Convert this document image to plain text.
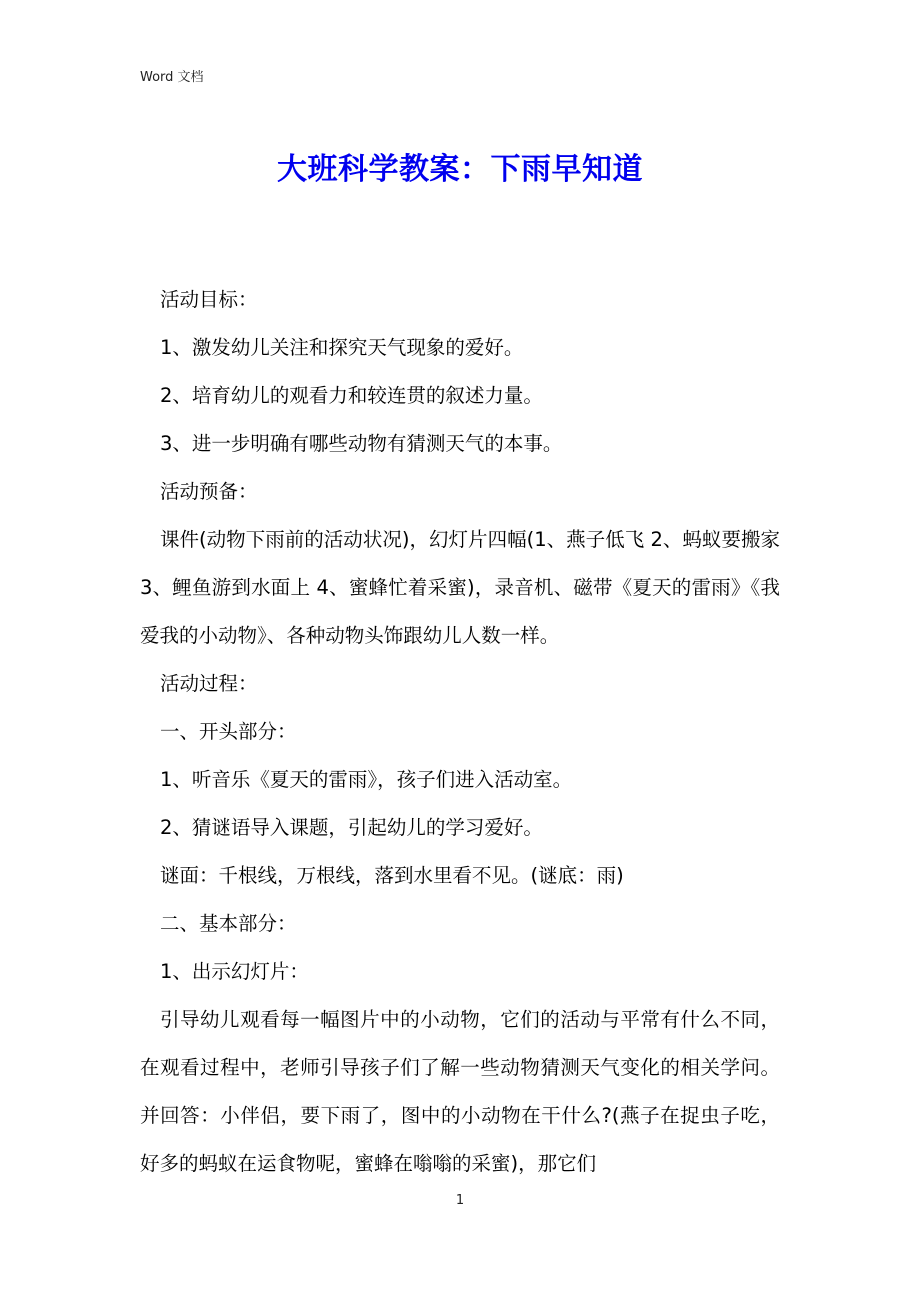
Word 文档
大班科学教案：下雨早知道

活动目标：

1、激发幼儿关注和探究天气现象的爱好。

2、培育幼儿的观看力和较连贯的叙述力量。

3、进一步明确有哪些动物有猜测天气的本事。

活动预备：

课件(动物下雨前的活动状况)，幻灯片四幅(1、燕子低飞 2、蚂蚁要搬家 3、鲤鱼游到水面上 4、蜜蜂忙着采蜜)，录音机、磁带《夏天的雷雨》《我爱我的小动物》、各种动物头饰跟幼儿人数一样。

活动过程：

一、开头部分：

1、听音乐《夏天的雷雨》，孩子们进入活动室。

2、猜谜语导入课题，引起幼儿的学习爱好。

谜面：千根线，万根线，落到水里看不见。(谜底：雨)

二、基本部分：

1、出示幻灯片：

引导幼儿观看每一幅图片中的小动物，它们的活动与平常有什么不同，在观看过程中，老师引导孩子们了解一些动物猜测天气变化的相关学问。并回答：小伴侣，要下雨了，图中的小动物在干什么?(燕子在捉虫子吃，好多的蚂蚁在运食物呢，蜜蜂在嗡嗡的采蜜)，那它们

1
